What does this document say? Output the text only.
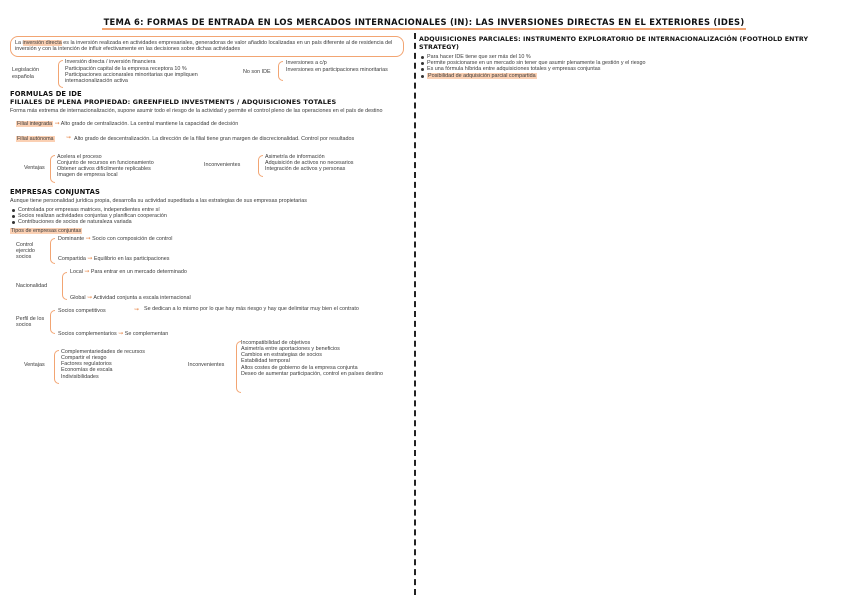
TEMA 6: FORMAS DE ENTRADA EN LOS MERCADOS INTERNACIONALES (IN): LAS INVERSIONES DIRECTAS EN EL EXTERIORES (IDES)
La inversión directa es la inversión realizada en actividades empresariales, generadoras de valor añadido localizadas en un país diferente al de residencia del inversión y con la intención de influir efectivamente en las decisiones sobre dichas actividades
Legislación española
Inversión directa / inversión financiera
Participación capital de la empresa receptora 10 %
Participaciones accionarales minoritarias que impliquen internacionalización activa
No son IDE
Inversiones a c/p
Inversiones en participaciones minoritarias
FORMULAS DE IDE
FILIALES DE PLENA PROPIEDAD: GREENFIELD INVESTMENTS / ADQUISICIONES TOTALES
Forma más extrema de internacionalización, supone asumir todo el riesgo de la actividad y permite el control pleno de las operaciones en el país de destino
Filial integrada ⇝ Alto grado de centralización. La central mantiene la capacidad de decisión
Filial autónoma ⇝ Alto grado de descentralización. La dirección de la filial tiene gran margen de discrecionalidad. Control por resultados
Ventajas
Acelera el proceso
Conjunto de recursos en funcionamiento
Obtener activos difícilmente replicables
Imagen de empresa local
Inconvenientes
Asimetría de información
Adquisición de activos no necesarios
Integración de activos y personas
EMPRESAS CONJUNTAS
Aunque tiene personalidad jurídica propia, desarrolla su actividad supeditada a las estrategias de sus empresas propietarias
Controlada por empresas matrices, independientes entre sí
Socios realizan actividades conjuntas y planifican cooperación
Contribuciones de socios de naturaleza variada
Tipos de empresas conjuntas
Control ejercido socios
Dominante ⇝ Socio con composición de control
Compartida ⇝ Equilibrio en las participaciones
Nacionalidad
Local ⇝ Para entrar en un mercado determinado
Global ⇝ Actividad conjunta a escala internacional
Perfil de los socios
Socios competitivos	⇝ Se dedican a lo mismo por lo que hay más riesgo y hay que delimitar muy bien el contrato
Socios complementarios ⇝ Se complementan
Ventajas
Complementariedades de recursos
Compartir el riesgo
Factores regulatorios
Economías de escala
Indivisibilidades
Inconvenientes
Incompatibilidad de objetivos
Asimetría entre aportaciones y beneficios
Cambios en estrategias de socios
Estabilidad temporal
Altos costes de gobierno de la empresa conjunta
Deseo de aumentar participación, control en países destino
ADQUISICIONES PARCIALES: INSTRUMENTO EXPLORATORIO DE INTERNACIONALIZACIÓN (FOOTHOLD ENTRY STRATEGY)
Para hacer IDE tiene que ser más del 10 %
Permite posicionarse en un mercado sin tener que asumir plenamente la gestión y el riesgo
Es una fórmula híbrida entre adquisiciones totales y empresas conjuntas
Posibilidad de adquisición parcial compartida
